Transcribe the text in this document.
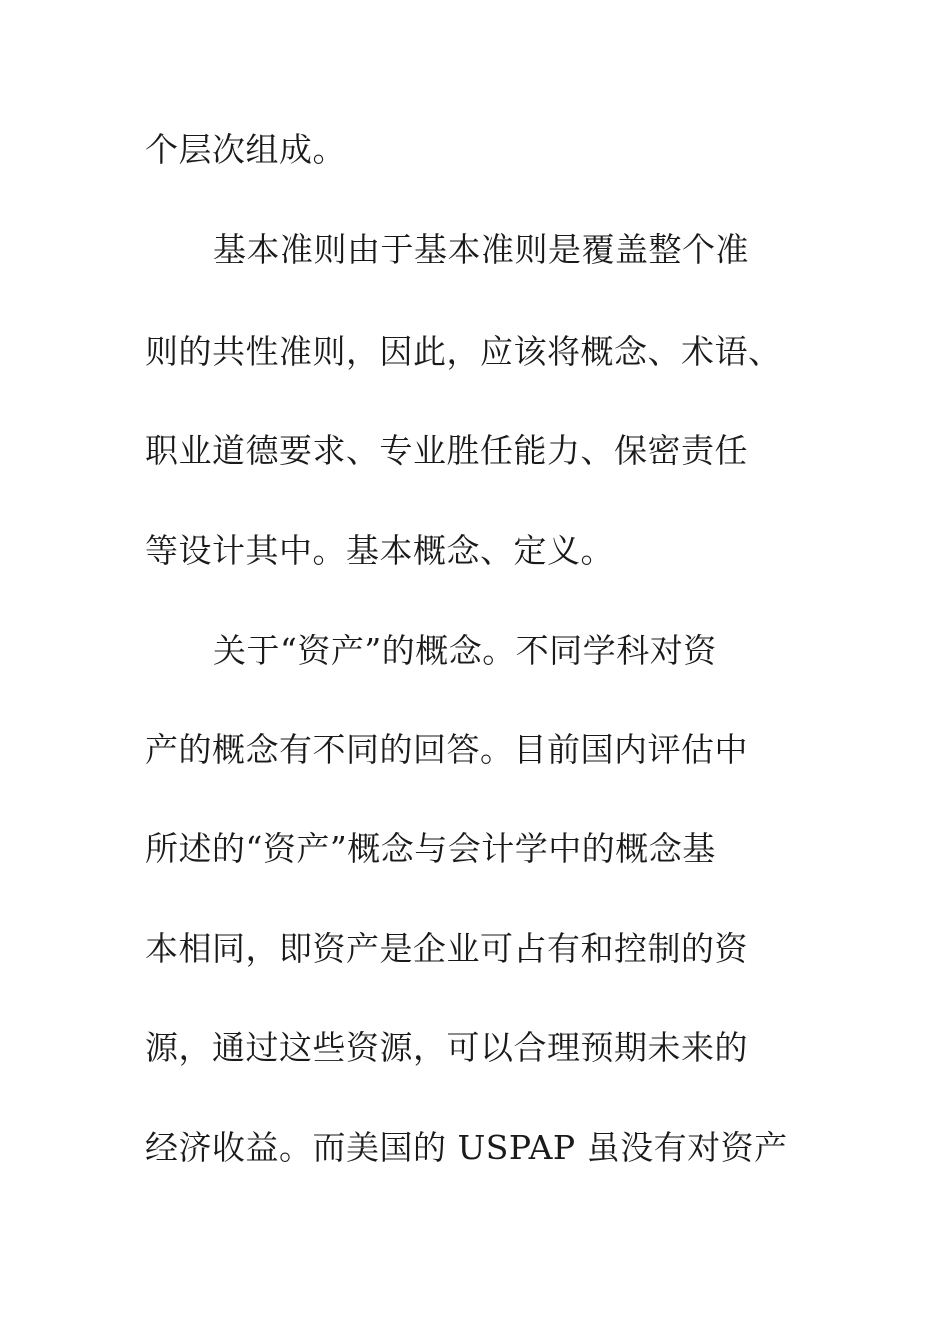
个层次组成。
基本准则由于基本准则是覆盖整个准
则的共性准则，因此，应该将概念、术语、
职业道德要求、专业胜任能力、保密责任
等设计其中。基本概念、定义。
关于“资产”的概念。不同学科对资
产的概念有不同的回答。目前国内评估中
所述的“资产”概念与会计学中的概念基
本相同，即资产是企业可占有和控制的资
源，通过这些资源，可以合理预期未来的
经济收益。而美国的 USPAP 虽没有对资产
